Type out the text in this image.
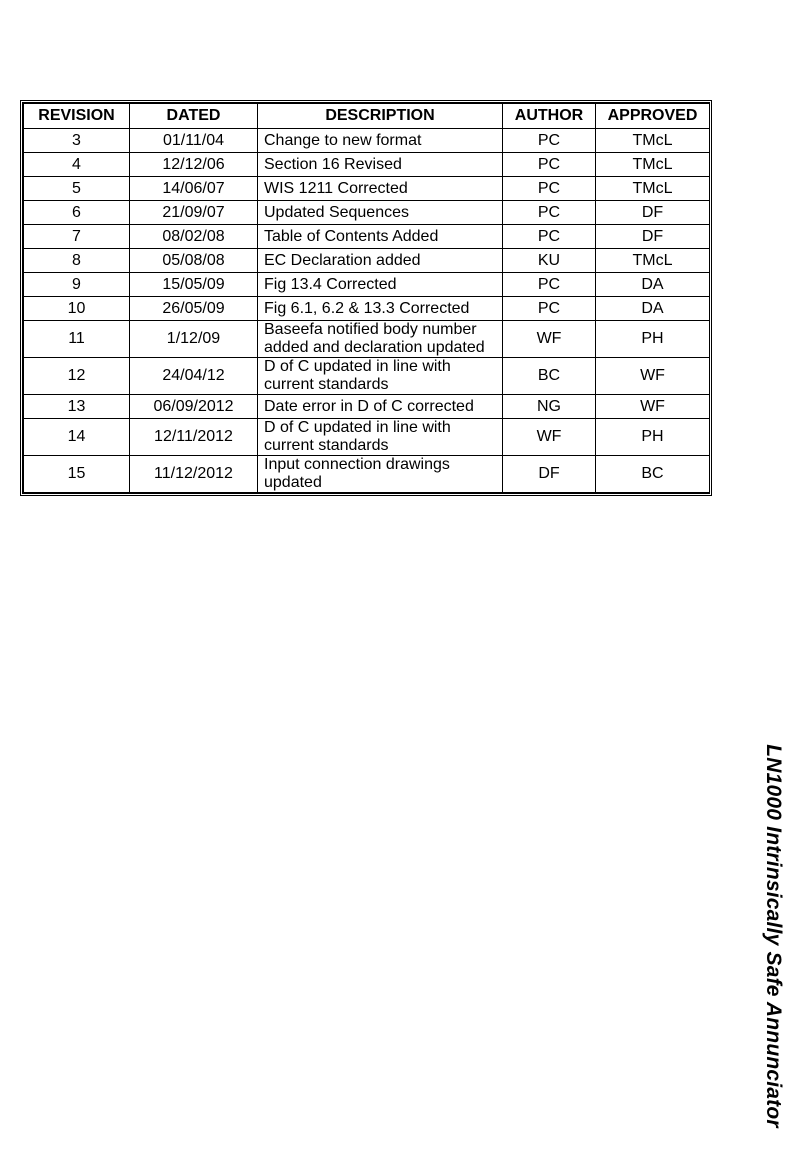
REVISION	DATED	DESCRIPTION	AUTHOR	APPROVED
3	01/11/04	Change to new format	PC	TMcL
4	12/12/06	Section 16 Revised	PC	TMcL
5	14/06/07	WIS 1211 Corrected	PC	TMcL
6	21/09/07	Updated Sequences	PC	DF
7	08/02/08	Table of Contents Added	PC	DF
8	05/08/08	EC Declaration added	KU	TMcL
9	15/05/09	Fig 13.4 Corrected	PC	DA
10	26/05/09	Fig 6.1, 6.2 & 13.3 Corrected	PC	DA
11	1/12/09	Baseefa notified body number added and declaration updated	WF	PH
12	24/04/12	D of C updated in line with current standards	BC	WF
13	06/09/2012	Date error in D of C corrected	NG	WF
14	12/11/2012	D of C updated in line with current standards	WF	PH
15	11/12/2012	Input connection drawings updated	DF	BC
LN1000 Intrinsically Safe Annunciator
